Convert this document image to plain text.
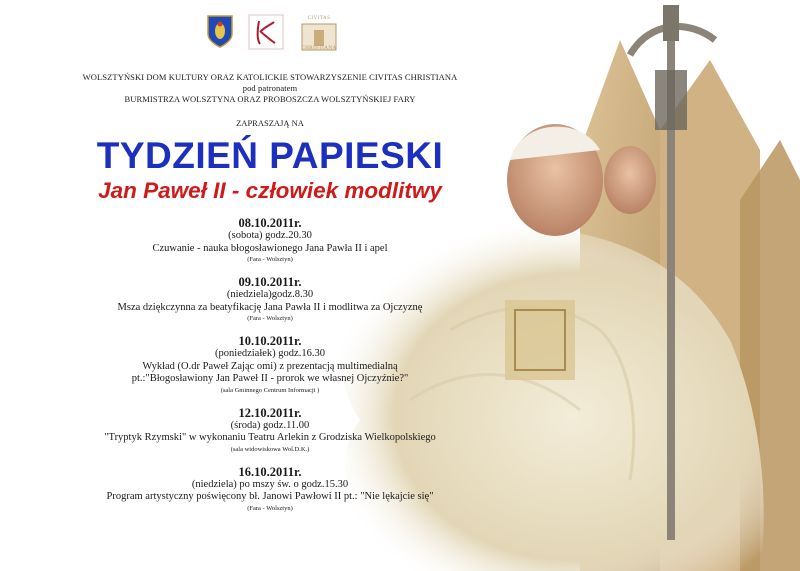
CIVITAS
CHRISTIANA
WOLSZTYŃSKI DOM KULTURY ORAZ KATOLICKIE STOWARZYSZENIE CIVITAS CHRISTIANA
pod patronatem
BURMISTRZA WOLSZTYNA ORAZ PROBOSZCZA WOLSZTYŃSKIEJ FARY
ZAPRASZAJĄ NA
TYDZIEŃ PAPIESKI
Jan Paweł II - człowiek modlitwy
08.10.2011r.
(sobota) godz.20.30
Czuwanie - nauka błogosławionego Jana Pawła II i apel
(Fara - Wolsztyn)
09.10.2011r.
(niedziela)godz.8.30
Msza dziękczynna za beatyfikację Jana Pawła II i modlitwa za Ojczyznę
(Fara - Wolsztyn)
10.10.2011r.
(poniedziałek) godz.16.30
Wykład (O.dr Paweł Zając omi) z prezentacją multimedialną
pt.:"Błogosławiony Jan Paweł II - prorok we własnej Ojczyźnie?"
(sala Gminnego Centrum Informacji )
12.10.2011r.
(środa) godz.11.00
"Tryptyk Rzymski" w wykonaniu Teatru Arlekin z Grodziska Wielkopolskiego
(sala widowiskowa Wol.D.K.)
16.10.2011r.
(niedziela) po mszy św. o godz.15.30
Program artystyczny poświęcony bł. Janowi Pawłowi II pt.: "Nie lękajcie się"
(Fara - Wolsztyn)
